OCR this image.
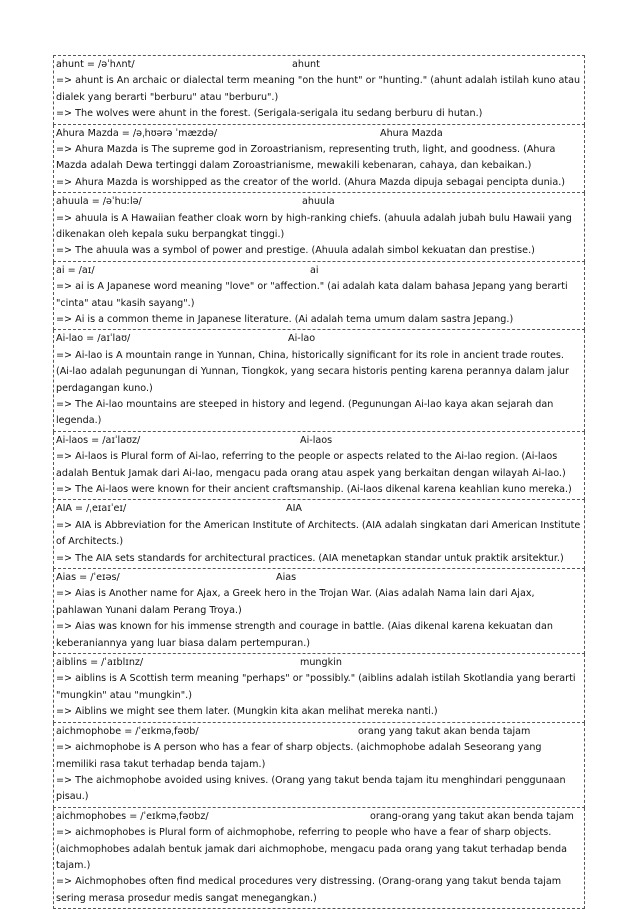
ahunt = /əˈhʌnt/	ahunt
=> ahunt is An archaic or dialectal term meaning "on the hunt" or "hunting." (ahunt adalah istilah kuno atau dialek yang berarti "berburu" atau "berburu".)
=> The wolves were ahunt in the forest. (Serigala-serigala itu sedang berburu di hutan.)
Ahura Mazda = /əˌhʊərə ˈmæzdə/	Ahura Mazda
=> Ahura Mazda is The supreme god in Zoroastrianism, representing truth, light, and goodness. (Ahura Mazda adalah Dewa tertinggi dalam Zoroastrianisme, mewakili kebenaran, cahaya, dan kebaikan.)
=> Ahura Mazda is worshipped as the creator of the world. (Ahura Mazda dipuja sebagai pencipta dunia.)
ahuula = /əˈhuːlə/	ahuula
=> ahuula is A Hawaiian feather cloak worn by high-ranking chiefs. (ahuula adalah jubah bulu Hawaii yang dikenakan oleh kepala suku berpangkat tinggi.)
=> The ahuula was a symbol of power and prestige. (Ahuula adalah simbol kekuatan dan prestise.)
ai = /aɪ/	ai
=> ai is A Japanese word meaning "love" or "affection." (ai adalah kata dalam bahasa Jepang yang berarti "cinta" atau "kasih sayang".)
=> Ai is a common theme in Japanese literature. (Ai adalah tema umum dalam sastra Jepang.)
Ai-lao = /aɪˈlaʊ/	Ai-lao
=> Ai-lao is A mountain range in Yunnan, China, historically significant for its role in ancient trade routes. (Ai-lao adalah pegunungan di Yunnan, Tiongkok, yang secara historis penting karena perannya dalam jalur perdagangan kuno.)
=> The Ai-lao mountains are steeped in history and legend. (Pegunungan Ai-lao kaya akan sejarah dan legenda.)
Ai-laos = /aɪˈlaʊz/	Ai-laos
=> Ai-laos is Plural form of Ai-lao, referring to the people or aspects related to the Ai-lao region. (Ai-laos adalah Bentuk Jamak dari Ai-lao, mengacu pada orang atau aspek yang berkaitan dengan wilayah Ai-lao.)
=> The Ai-laos were known for their ancient craftsmanship. (Ai-laos dikenal karena keahlian kuno mereka.)
AIA = /ˌeɪaɪˈeɪ/	AIA
=> AIA is Abbreviation for the American Institute of Architects. (AIA adalah singkatan dari American Institute of Architects.)
=> The AIA sets standards for architectural practices. (AIA menetapkan standar untuk praktik arsitektur.)
Aias = /ˈeɪəs/	Aias
=> Aias is Another name for Ajax, a Greek hero in the Trojan War. (Aias adalah Nama lain dari Ajax, pahlawan Yunani dalam Perang Troya.)
=> Aias was known for his immense strength and courage in battle. (Aias dikenal karena kekuatan dan keberaniannya yang luar biasa dalam pertempuran.)
aiblins = /ˈaɪblɪnz/	mungkin
=> aiblins is A Scottish term meaning "perhaps" or "possibly." (aiblins adalah istilah Skotlandia yang berarti "mungkin" atau "mungkin".)
=> Aiblins we might see them later. (Mungkin kita akan melihat mereka nanti.)
aichmophobe = /ˈeɪkməˌfəʊb/	orang yang takut akan benda tajam
=> aichmophobe is A person who has a fear of sharp objects. (aichmophobe adalah Seseorang yang memiliki rasa takut terhadap benda tajam.)
=> The aichmophobe avoided using knives. (Orang yang takut benda tajam itu menghindari penggunaan pisau.)
aichmophobes = /ˈeɪkməˌfəʊbz/	orang-orang yang takut akan benda tajam
=> aichmophobes is Plural form of aichmophobe, referring to people who have a fear of sharp objects. (aichmophobes adalah bentuk jamak dari aichmophobe, mengacu pada orang yang takut terhadap benda tajam.)
=> Aichmophobes often find medical procedures very distressing. (Orang-orang yang takut benda tajam sering merasa prosedur medis sangat menegangkan.)
